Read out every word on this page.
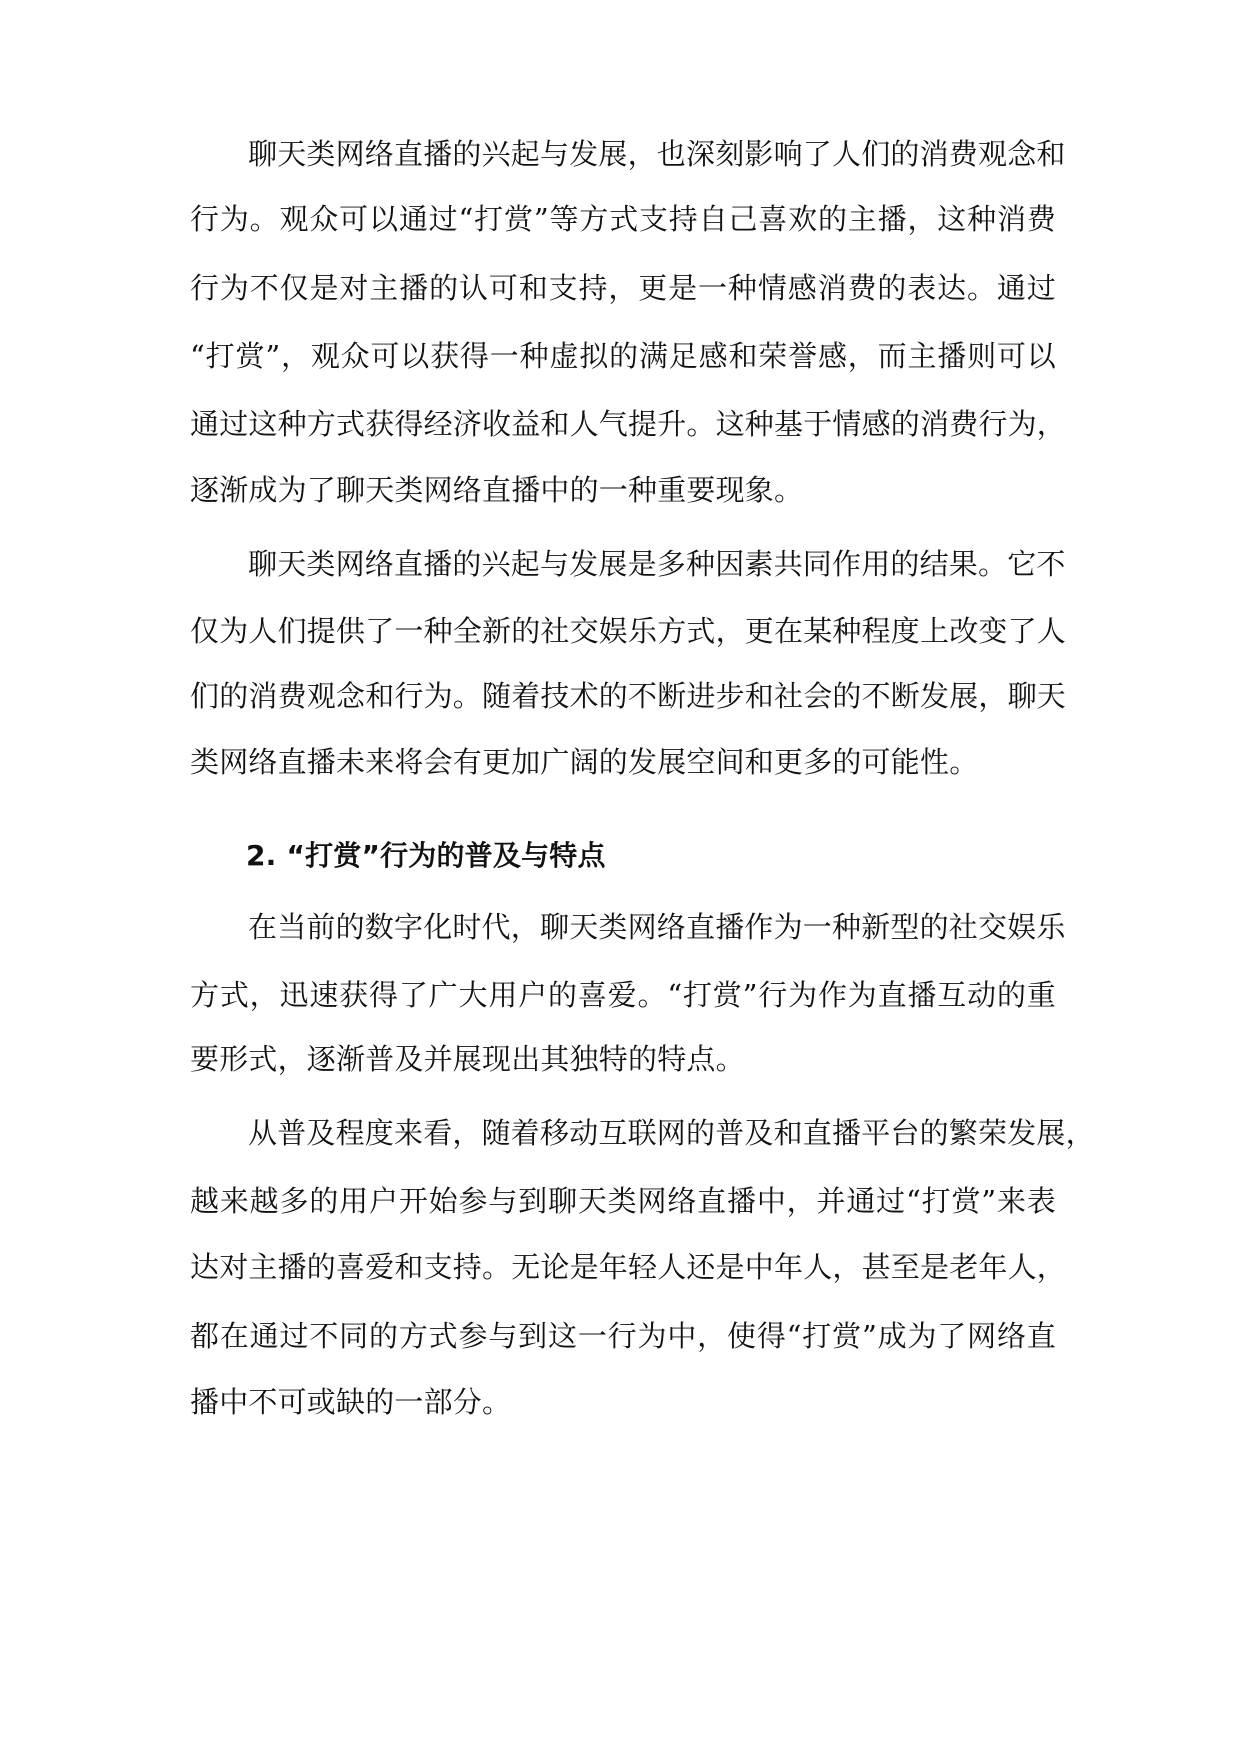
聊天类网络直播的兴起与发展，也深刻影响了人们的消费观念和
行为。观众可以通过“打赏”等方式支持自己喜欢的主播，这种消费
行为不仅是对主播的认可和支持，更是一种情感消费的表达。通过
“打赏”，观众可以获得一种虚拟的满足感和荣誉感，而主播则可以
通过这种方式获得经济收益和人气提升。这种基于情感的消费行为，
逐渐成为了聊天类网络直播中的一种重要现象。
聊天类网络直播的兴起与发展是多种因素共同作用的结果。它不
仅为人们提供了一种全新的社交娱乐方式，更在某种程度上改变了人
们的消费观念和行为。随着技术的不断进步和社会的不断发展，聊天
类网络直播未来将会有更加广阔的发展空间和更多的可能性。
2. “打赏”行为的普及与特点
在当前的数字化时代，聊天类网络直播作为一种新型的社交娱乐
方式，迅速获得了广大用户的喜爱。“打赏”行为作为直播互动的重
要形式，逐渐普及并展现出其独特的特点。
从普及程度来看，随着移动互联网的普及和直播平台的繁荣发展，
越来越多的用户开始参与到聊天类网络直播中，并通过“打赏”来表
达对主播的喜爱和支持。无论是年轻人还是中年人，甚至是老年人，
都在通过不同的方式参与到这一行为中，使得“打赏”成为了网络直
播中不可或缺的一部分。
